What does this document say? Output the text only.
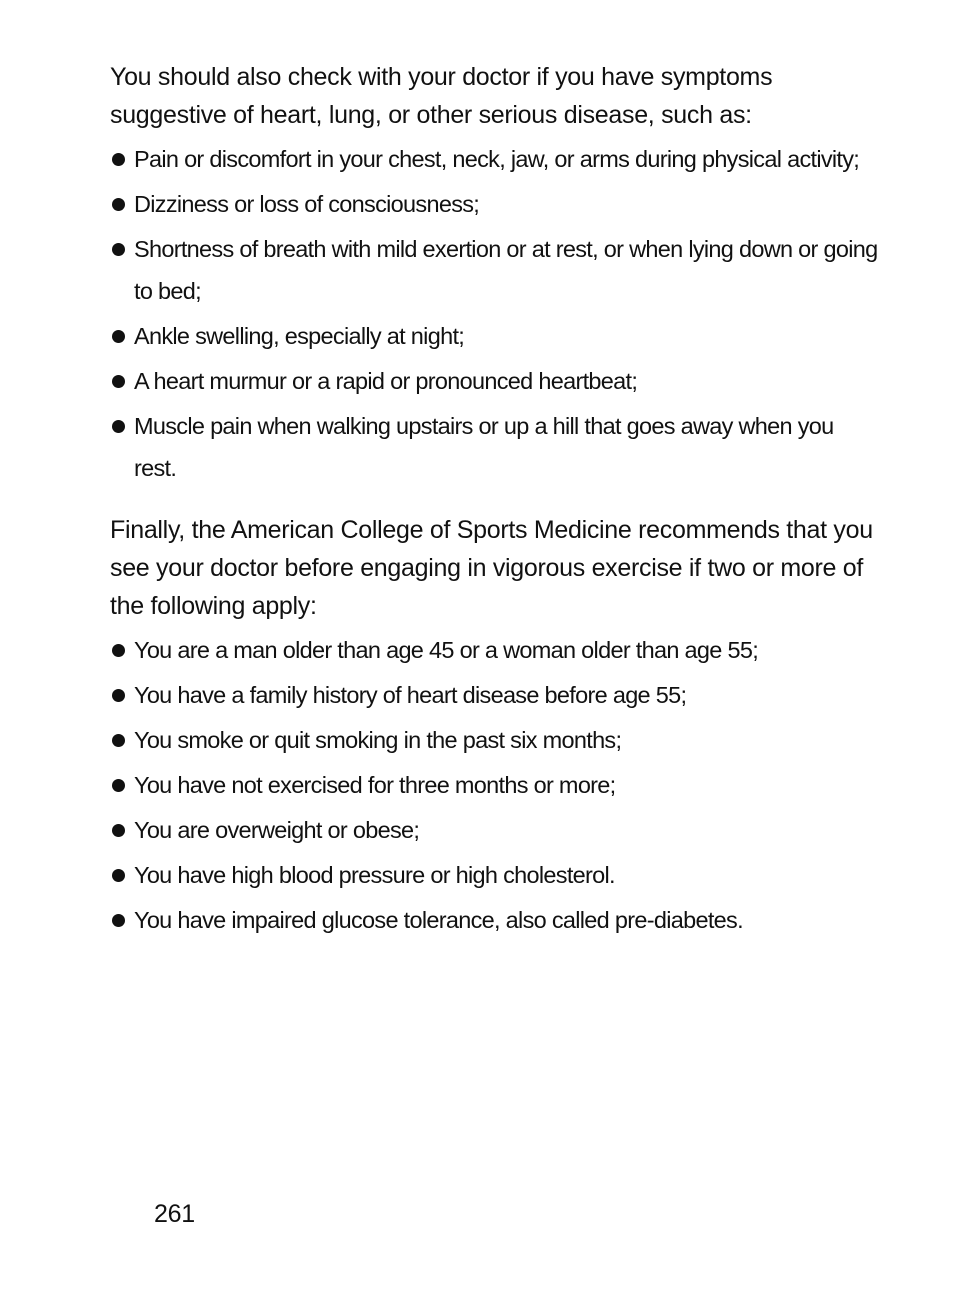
You should also check with your doctor if you have symptoms suggestive of heart, lung, or other serious disease, such as:

Pain or discomfort in your chest, neck, jaw, or arms during physical activity;
Dizziness or loss of consciousness;
Shortness of breath with mild exertion or at rest, or when lying down or going to bed;
Ankle swelling, especially at night;
A heart murmur or a rapid or pronounced heartbeat;
Muscle pain when walking upstairs or up a hill that goes away when you rest.

Finally, the American College of Sports Medicine recommends that you see your doctor before engaging in vigorous exercise if two or more of the following apply:

You are a man older than age 45 or a woman older than age 55;
You have a family history of heart disease before age 55;
You smoke or quit smoking in the past six months;
You have not exercised for three months or more;
You are overweight or obese;
You have high blood pressure or high cholesterol.
You have impaired glucose tolerance, also called pre-diabetes.
261
